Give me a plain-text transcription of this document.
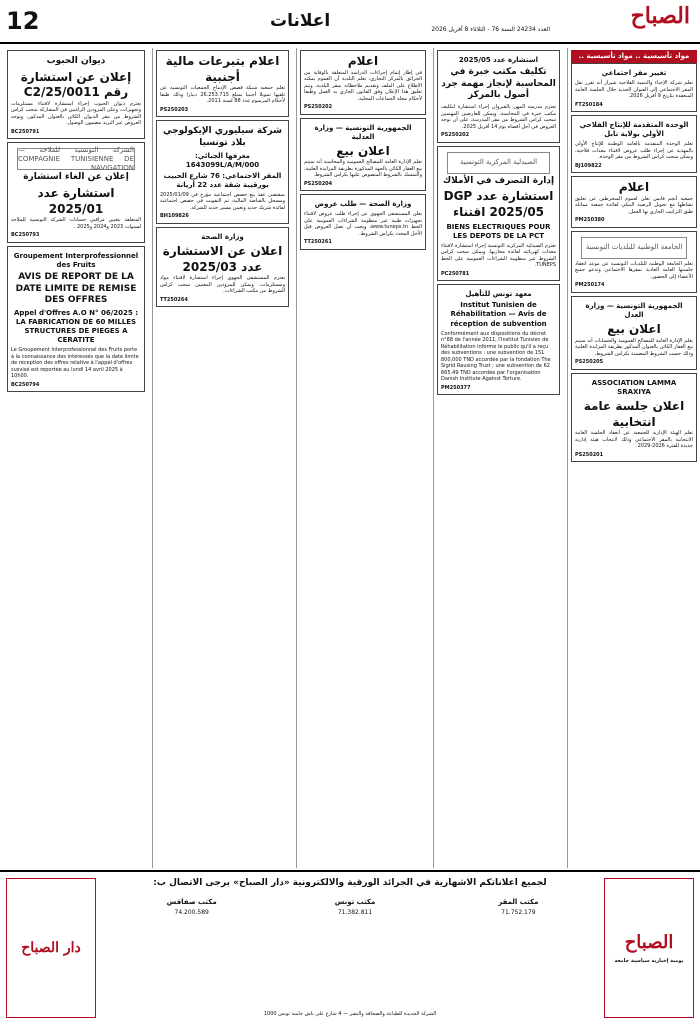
12	اعلانات	الصباح
العدد 24234 السنة 76 - الثلاثاء 8 أفريل 2026
مواد تأسيسية .. مواد تأسيسية ..
تغيير مقر اجتماعي

تعلم شركة الإحياء والتنمية الفلاحية شيراز أنه تقرر نقل المقر الاجتماعي إلى العنوان الجديد خلال الجلسة العامة المنعقدة بتاريخ 9 أفريل 2026.

FT250184
الوحدة المتقدمة للإنتاج الفلاحي الأولي بولاية نابل

تعلم الوحدة المتقدمة بالعامة الوطنية للإنتاج الأولي بالمهدية عن إجراء طلب عروض لاقتناء معدات فلاحية، ويمكن سحب كراس الشروط من مقر الوحدة.

BJ109822
اعلام

جمعية أنجم قابس تعلن لعموم المنخرطين عن تعليق نشاطها مع تحويل الرصيد البنكي لفائدة جمعية مماثلة طبق التراتيب الجاري بها العمل.

PM250380
الجامعة الوطنية للبلديات التونسية

تعلم الجامعة الوطنية للبلديات التونسية عن موعد انعقاد جلستها العامة العادية بمقرها الاجتماعي وتدعو جميع الأعضاء إلى الحضور.

PM250174
الجمهورية التونسية — وزارة العدل
اعلان بيع

يعلم الإدارة العامة للمصالح العمومية والحسابات أنه سيتم بيع العقار الكائن بالعنوان المذكور بطريقة المزايدة العلنية وذلك حسب الشروط المضمنة بكراس الشروط.

PS250205
ASSOCIATION LAMMA SRAXIYA
اعلان جلسة عامة انتخابية

تعلم الهيئة الإدارية للجمعية عن انعقاد الجلسة العامة الانتخابية بالمقر الاجتماعي وذلك لانتخاب هيئة إدارية جديدة للفترة 2026-2029.

PS250201
استشارة عدد 2025/05
تكليف مكتب خبرة في المحاسبة لإنجاز مهمة جرد أصول بالمركز

تعتزم مدرسة المهن بالقيروان إجراء استشارة لتكليف مكتب خبرة في المحاسبة، ويمكن للعارضين المهتمين سحب كراس الشروط من مقر المدرسة، على أن توجه العروض في أجل أقصاه يوم 14 أفريل 2025.

PS250202
الصيدلية المركزية التونسية
إدارة التصرف في الأملاك
استشارة عدد DGP 2025/05 اقتناء
BIENS ELECTRIQUES POUR LES DEPOTS DE LA PCT

تعتزم الصيدلية المركزية التونسية إجراء استشارة لاقتناء معدات كهربائية لفائدة مخازنها، ويمكن سحب كراس الشروط عبر منظومة الشراءات العمومية على الخط TUNEPS.

PC250781
معهد تونس للتأهيل
Institut Tunisien de Réhabilitation — Avis de réception de subvention

Conformément aux dispositions du décret n°88 de l'année 2011, l'Institut Tunisien de Réhabilitation informe le public qu'il a reçu des subventions : une subvention de 151 800,000 TND accordée par la fondation The Sigrid Rausing Trust ; une subvention de 62 665,49 TND accordée par l'organisation Danish Institute Against Torture.

PM250377
اعلام

في إطار إتمام إجراءات الدراسة المتعلقة بالوقاية من الحرائق بالمركز التجاري، تعلم البلدية أن العموم يمكنه الاطلاع على الملف وتقديم ملاحظاته بمقر البلدية، ويتم تعليق هذا الإعلان وفق القانون الجاري به العمل وطبقا لأحكام مجلة الجماعات المحلية.

PS250202
الجمهورية التونسية — وزارة العدلية
اعلان بيع

تعلم الإدارة العامة للمصالح العمومية والمحاسبة أنه سيتم بيع العقار الكائن بالجهة المذكورة بطريقة المزايدة العلنية، والتمسك بالشروط المنصوص عليها بكراس الشروط.

PS250204
وزارة الصحة — طلب عروض

يعلن المستشفى الجهوي عن إجراء طلب عروض لاقتناء تجهيزات طبية عبر منظومة الشراءات العمومية على الخط www.tuneps.tn، ويجب أن تصل العروض قبل الأجل المحدد بكراس الشروط.

TT250261
اعلام بتبرعات مالية أجنبية

تعلم جمعية شبكة قصص الإدماج الجمعيات التونسية عن تلقيها تمويلا أجنبيا بمبلغ 26.253.715 دينارا وذلك طبقا لأحكام المرسوم عدد 88 لسنة 2011.

PS250203
شركة سيليوري الإيكولوجي بلاد تونسيا
معرفها الجبائي: 1643099L/A/M/000
المقر الاجتماعي: 76 شارع الحبيب بورقيبة شقة عدد 22 أريانة

بمقتضى عقد بيع حصص اجتماعية مؤرخ في 2025/01/09 ومسجل بالقباضة المالية، تم التفويت في حصص اجتماعية لفائدة شريك جديد وتعيين مسير جديد للشركة.

BH109826
وزارة الصحة
اعلان عن الاستشارة عدد 2025/03

يعتزم المستشفى الجهوي إجراء استشارة لاقتناء مواد ومستلزمات، ويمكن للمزودين المعنيين سحب كراس الشروط من مكتب الشراءات.

TT250264
ديوان الحبوب
إعلان عن استشارة رقم 25/0011/C2

يعتزم ديوان الحبوب إجراء استشارة لاقتناء مستلزمات وتجهيزات، وعلى المزودين الراغبين في المشاركة سحب كراس الشروط من مقر الديوان الكائن بالعنوان المذكور، وتوجه العروض عبر البريد مضمون الوصول.

BC250791
الشركة التونسية للملاحة — COMPAGNIE TUNISIENNE DE NAVIGATION
إعلان عن الغاء استشارة
استشارة عدد 2025/01

المتعلقة بتعيين مراقبي حسابات الشركة التونسية للملاحة لسنوات 2023 و2024 و2025 .

BC250793
Groupement Interprofessionnel des Fruits
AVIS DE REPORT DE LA DATE LIMITE DE REMISE DES OFFRES
Appel d'Offres A.O N° 06/2025 : LA FABRICATION DE 60 MILLES STRUCTURES DE PIEGES A CERATITE

Le Groupement Interprofessionnel des Fruits porte à la connaissance des intéressés que la date limite de réception des offres relative à l'appel d'offres susvisé est reportée au lundi 14 avril 2025 à 10h00.

BC250794
الصباح
يومية إخبارية سياسية جامعة
دار الصباح
لجميع اعلاناتكم الاشهارية في الجرائد الورقية والالكترونية «دار الصباح» يرجى الاتصال ب:
مكتب المقر
71.752.179
مكتب تونس
71.382.811
مكتب صفاقس
74.200.589
الشركة الجديدة للطباعة والصحافة والنشر — 4 شارع علي باش حامبة تونس 1000
